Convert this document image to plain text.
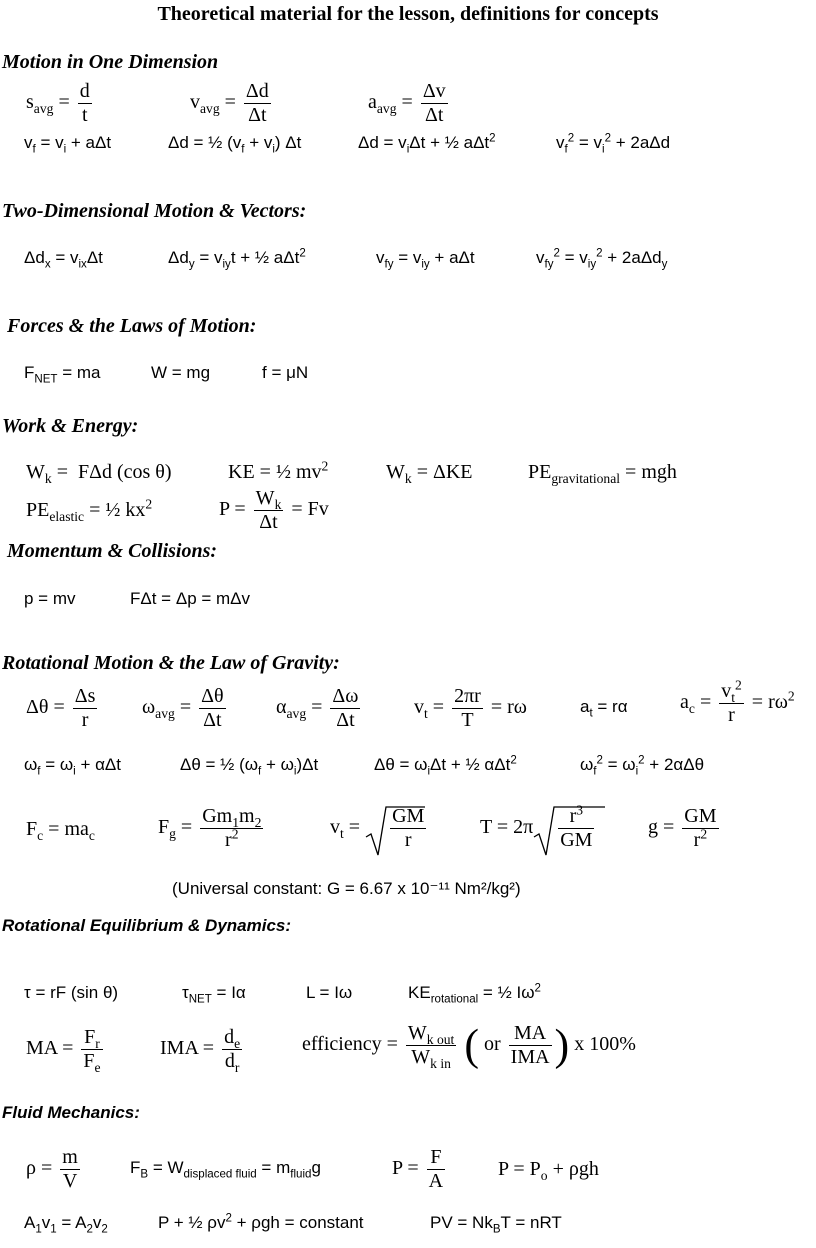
Theoretical material for the lesson, definitions for concepts
Motion in One Dimension
$s_{avg} = \frac{d}{t}$	$v_{avg} = \frac{\Delta d}{\Delta t}$	$a_{avg} = \frac{\Delta v}{\Delta t}$
$v_f = v_i + a\Delta t$	Δd = ½ $(v_f + v_i)$ Δt	$\Delta d = v_i\Delta t$ + ½ aΔt$^2$	$v_f^2 = v_i^2 + 2a\Delta d$
Two-Dimensional Motion & Vectors:
$\Delta d_x = v_{ix}\Delta t$	$\Delta d_y = v_{iy}t$ + ½ aΔt$^2$	$v_{fy} = v_{iy} + a\Delta t$	$v_{fy}^2 = v_{iy}^2 + 2a\Delta d_y$
Forces & the Laws of Motion:
$F_{NET}$ = ma	W = mg	f = μN
Work & Energy:
$W_k = F\Delta d$ (cos θ)	KE = ½ $mv^2$	$W_k = \Delta KE$	$PE_{gravitational}$ = mgh
$PE_{elastic}$ = ½ $kx^2$	$P = \frac{W_k}{\Delta t} = Fv$
Momentum & Collisions:
p = mv	FΔt = Δp = mΔv
Rotational Motion & the Law of Gravity:
$\Delta\theta = \frac{\Delta s}{r} \omega_{avg} = \frac{\Delta\theta}{\Delta t}$	$\alpha_{avg} = \frac{\Delta\omega}{\Delta t}$	$v_t = \frac{2\pi r}{T} = r\omega$	$a_t = r\alpha$	$a_c = \frac{v_t^2}{r} = r\omega^2$
$\omega_f = \omega_i + \alpha\Delta t$	Δθ = ½ $(\omega_f + \omega_i)\Delta t$	$\Delta\theta = \omega_i\Delta t$ + ½ αΔt$^2$	$\omega_f^2 = \omega_i^2 + 2\alpha\Delta\theta$
$F_c = ma_c$	$F_g = \frac{Gm_1m_2}{r^2}$	$v_t = \frac{GM}{r}$	$T = 2\pi \frac{r^3}{GM}$	$g = \frac{GM}{r^2}$
(Universal constant: G = 6.67 x 10⁻¹¹ Nm²/kg²)
Rotational Equilibrium & Dynamics:
τ = rF (sin θ)	$\tau_{NET} = I\alpha$	L = Iω	$KE_{rotational}$ = ½ $I\omega^2$
MA = $\frac{F_r}{F_e}$	IMA = $\frac{d_e}{d_r}$	efficiency = $\frac{W_{k out}}{W_{k in}}$ ( or $\frac{MA}{\text{IMA}}$ ) x 100%
Fluid Mechanics:
$\rho = \frac{m}{V}$	$F_B = W_{displaced fluid} = m_{fluid}g$	$P = \frac{F}{A}$	$P = P_o + \rho gh$
$A_1v_1 = A_2v_2$	P + ½ $\rho v^2 + \rho gh$ = constant	PV = $Nk_BT$ = nRT
